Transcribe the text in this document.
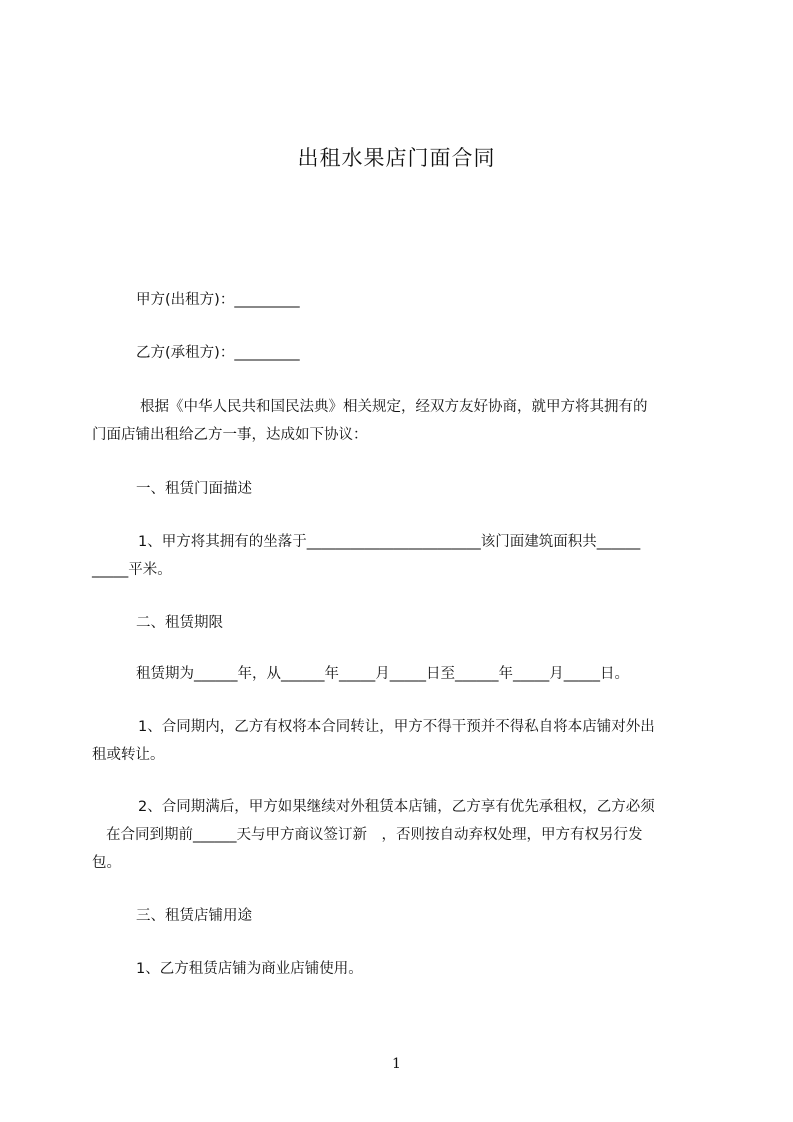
出租水果店门面合同

甲方(出租方)：_________

乙方(承租方)：_________

根据《中华人民共和国民法典》相关规定，经双方友好协商，就甲方将其拥有的

门面店铺出租给乙方一事，达成如下协议：

一、租赁门面描述

1、甲方将其拥有的坐落于________________________该门面建筑面积共______

_____平米。

二、租赁期限

租赁期为______年，从______年_____月_____日至______年_____月_____日。

1、合同期内，乙方有权将本合同转让，甲方不得干预并不得私自将本店铺对外出

租或转让。

2、合同期满后，甲方如果继续对外租赁本店铺，乙方享有优先承租权，乙方必须

在合同到期前______天与甲方商议签订新　，否则按自动弃权处理，甲方有权另行发

包。

三、租赁店铺用途

1、乙方租赁店铺为商业店铺使用。

1
